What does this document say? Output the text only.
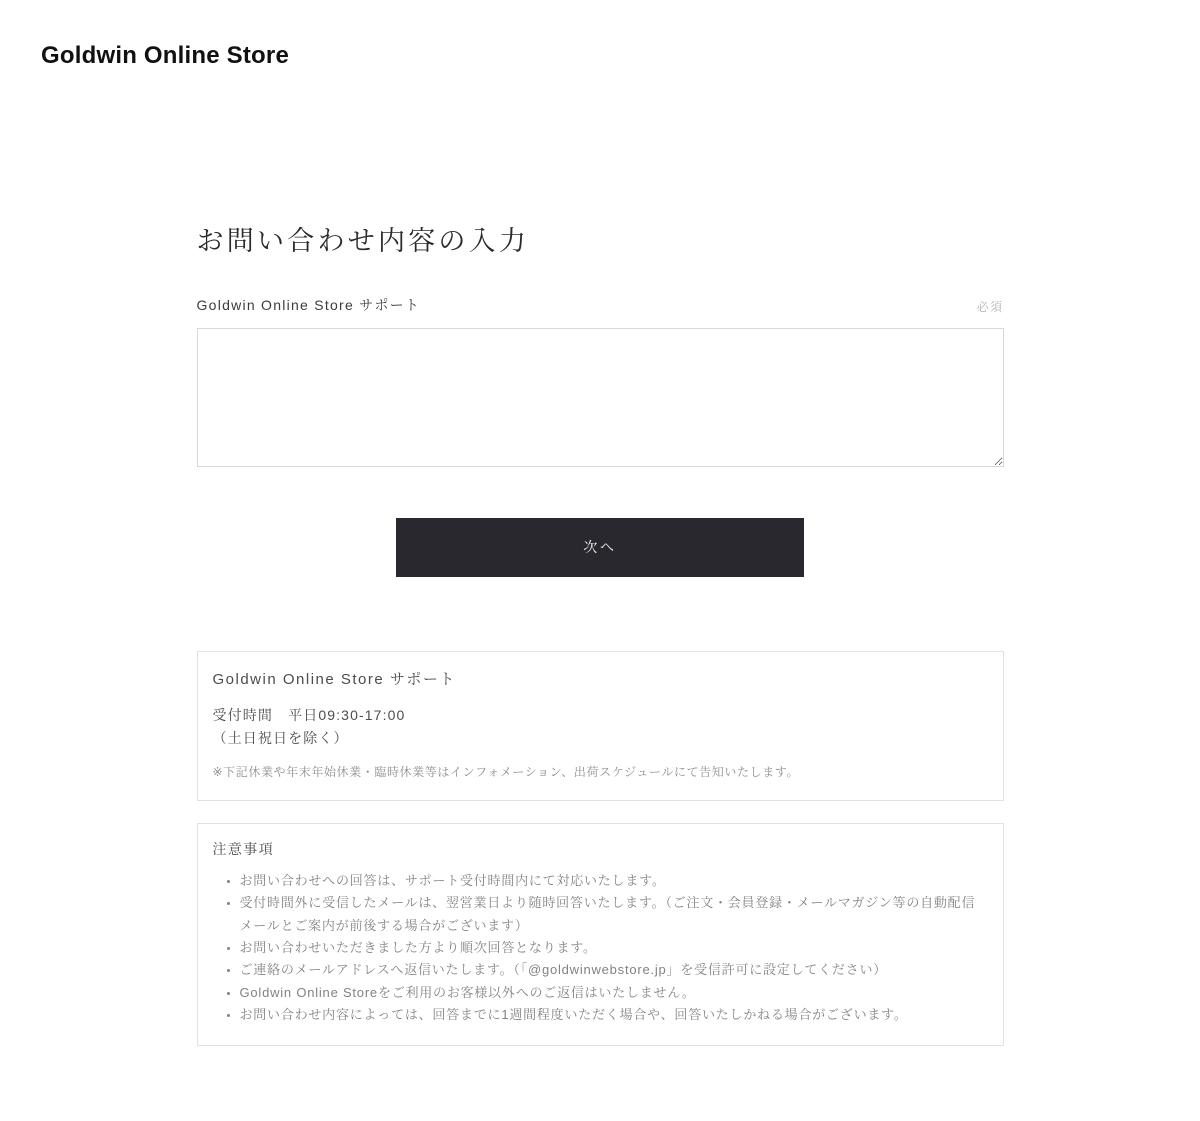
Goldwin Online Store
お問い合わせ内容の入力
Goldwin Online Store サポート	必須
次へ
Goldwin Online Store サポート
受付時間　平日09:30-17:00
（土日祝日を除く）

※下記休業や年末年始休業・臨時休業等はインフォメーション、出荷スケジュールにて告知いたします。

注意事項
• お問い合わせへの回答は、サポート受付時間内にて対応いたします。
• 受付時間外に受信したメールは、翌営業日より随時回答いたします。（ご注文・会員登録・メールマガジン等の自動配信メールとご案内が前後する場合がございます）
• お問い合わせいただきました方より順次回答となります。
• ご連絡のメールアドレスへ返信いたします。（「@goldwinwebstore.jp」を受信許可に設定してください）
• Goldwin Online Storeをご利用のお客様以外へのご返信はいたしません。
• お問い合わせ内容によっては、回答までに1週間程度いただく場合や、回答いたしかねる場合がございます。
